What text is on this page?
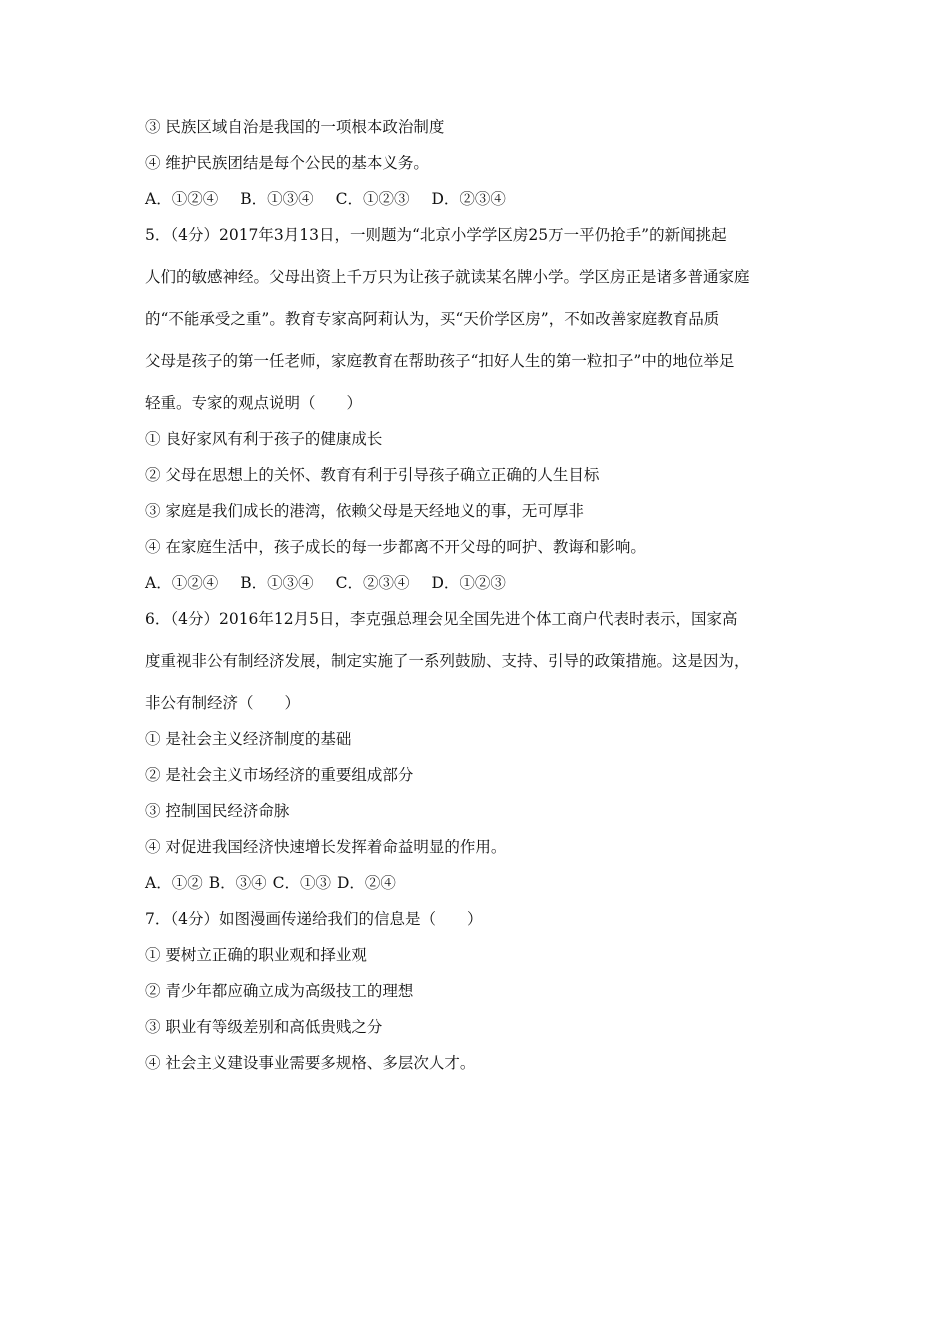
③ 民族区域自治是我国的一项根本政治制度
④ 维护民族团结是每个公民的基本义务。
A．①②④ B．①③④ C．①②③ D．②③④
5．（4分）2017年3月13日，一则题为“北京小学学区房25万一平仍抢手”的新闻挑起
人们的敏感神经。父母出资上千万只为让孩子就读某名牌小学。学区房正是诸多普通家庭
的“不能承受之重”。教育专家高阿莉认为，买“天价学区房”，不如改善家庭教育品质
父母是孩子的第一任老师，家庭教育在帮助孩子“扣好人生的第一粒扣子”中的地位举足
轻重。专家的观点说明（　　）
① 良好家风有利于孩子的健康成长
② 父母在思想上的关怀、教育有利于引导孩子确立正确的人生目标
③ 家庭是我们成长的港湾，依赖父母是天经地义的事，无可厚非
④ 在家庭生活中，孩子成长的每一步都离不开父母的呵护、教诲和影响。
A．①②④ B．①③④ C．②③④ D．①②③
6．（4分）2016年12月5日，李克强总理会见全国先进个体工商户代表时表示，国家高
度重视非公有制经济发展，制定实施了一系列鼓励、支持、引导的政策措施。这是因为，
非公有制经济（　　）
① 是社会主义经济制度的基础
② 是社会主义市场经济的重要组成部分
③ 控制国民经济命脉
④ 对促进我国经济快速增长发挥着命益明显的作用。
A．①② B．③④ C．①③ D．②④
7．（4分）如图漫画传递给我们的信息是（　　）
① 要树立正确的职业观和择业观
② 青少年都应确立成为高级技工的理想
③ 职业有等级差别和高低贵贱之分
④ 社会主义建设事业需要多规格、多层次人才。
